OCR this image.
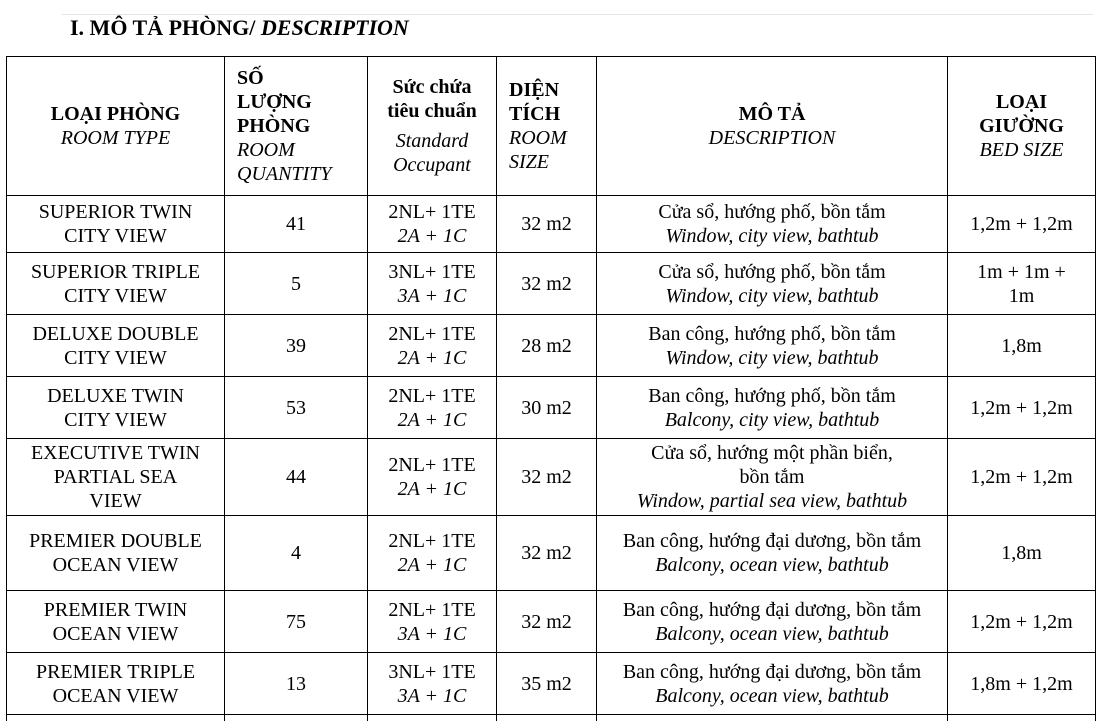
I. MÔ TẢ PHÒNG/ DESCRIPTION
LOẠI PHÒNG
ROOM TYPE	SỐ
LƯỢNG
PHÒNG
ROOM
QUANTITY	Sức chứa
tiêu chuẩn
Standard
Occupant	DIỆN
TÍCH
ROOM
SIZE	MÔ TẢ
DESCRIPTION	LOẠI
GIƯỜNG
BED SIZE

SUPERIOR TWIN
CITY VIEW	41	2NL+ 1TE
2A + 1C	32 m2	Cửa sổ, hướng phố, bồn tắm
Window, city view, bathtub	1,2m + 1,2m

SUPERIOR TRIPLE
CITY VIEW	5	3NL+ 1TE
3A + 1C	32 m2	Cửa sổ, hướng phố, bồn tắm
Window, city view, bathtub	1m + 1m +
1m

DELUXE DOUBLE
CITY VIEW	39	2NL+ 1TE
2A + 1C	28 m2	Ban công, hướng phố, bồn tắm
Window, city view, bathtub	1,8m

DELUXE TWIN
CITY VIEW	53	2NL+ 1TE
2A + 1C	30 m2	Ban công, hướng phố, bồn tắm
Balcony, city view, bathtub	1,2m + 1,2m

EXECUTIVE TWIN
PARTIAL SEA
VIEW	44	2NL+ 1TE
2A + 1C	32 m2	Cửa sổ, hướng một phần biển,
bồn tắm
Window, partial sea view, bathtub	1,2m + 1,2m

PREMIER DOUBLE
OCEAN VIEW	4	2NL+ 1TE
2A + 1C	32 m2	Ban công, hướng đại dương, bồn tắm
Balcony, ocean view, bathtub	1,8m

PREMIER TWIN
OCEAN VIEW	75	2NL+ 1TE
3A + 1C	32 m2	Ban công, hướng đại dương, bồn tắm
Balcony, ocean view, bathtub	1,2m + 1,2m

PREMIER TRIPLE
OCEAN VIEW	13	3NL+ 1TE
3A + 1C	35 m2	Ban công, hướng đại dương, bồn tắm
Balcony, ocean view, bathtub	1,8m + 1,2m
